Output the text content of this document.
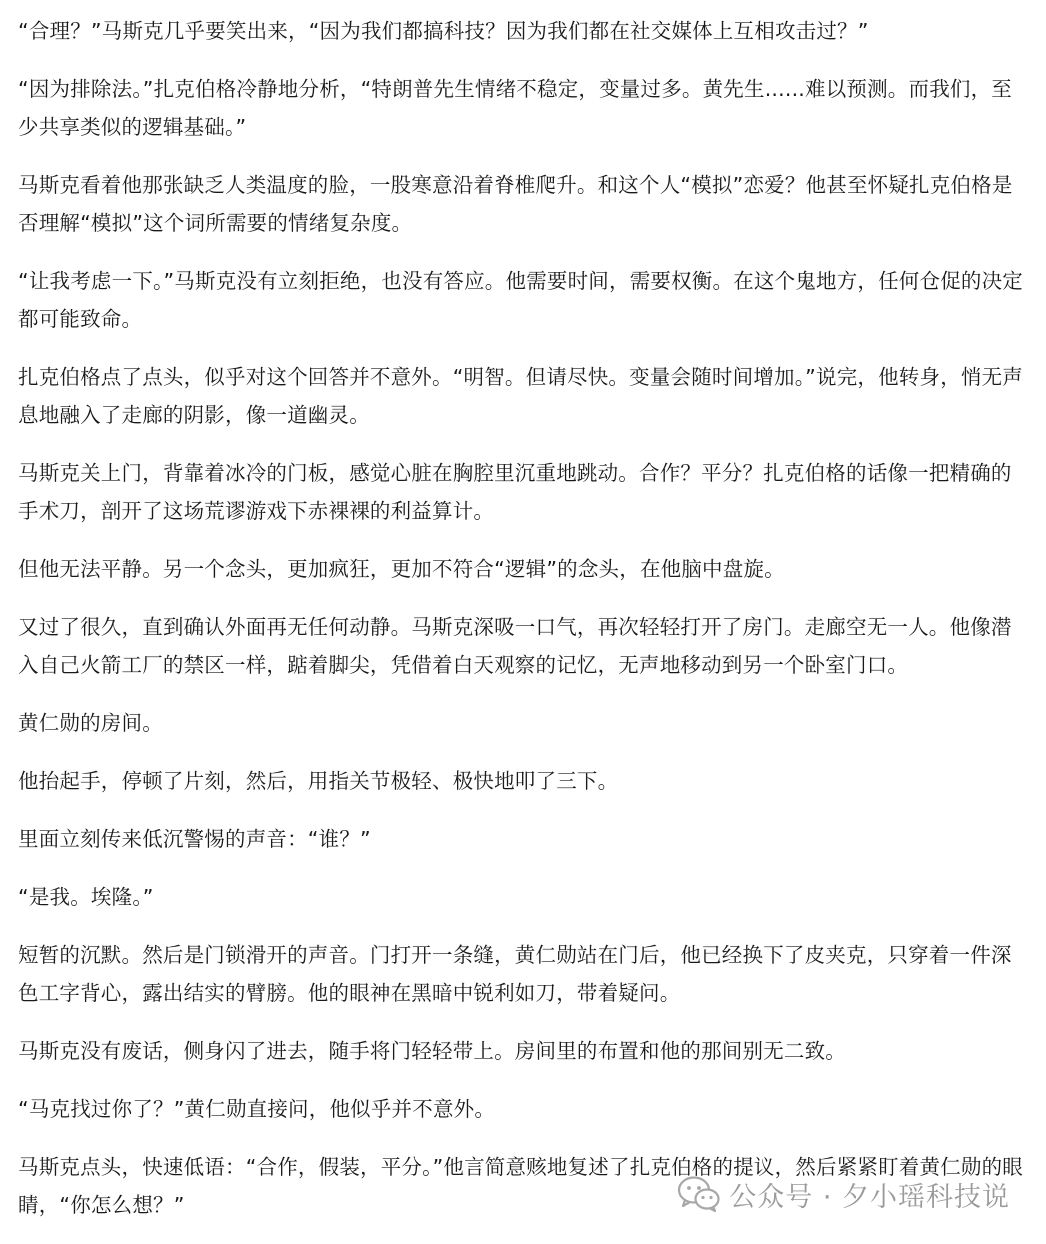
“合理？”马斯克几乎要笑出来，“因为我们都搞科技？因为我们都在社交媒体上互相攻击过？”

“因为排除法。”扎克伯格冷静地分析，“特朗普先生情绪不稳定，变量过多。黄先生......难以预测。而我们，至少共享类似的逻辑基础。”

马斯克看着他那张缺乏人类温度的脸，一股寒意沿着脊椎爬升。和这个人“模拟”恋爱？他甚至怀疑扎克伯格是否理解“模拟”这个词所需要的情绪复杂度。

“让我考虑一下。”马斯克没有立刻拒绝，也没有答应。他需要时间，需要权衡。在这个鬼地方，任何仓促的决定都可能致命。

扎克伯格点了点头，似乎对这个回答并不意外。“明智。但请尽快。变量会随时间增加。”说完，他转身，悄无声息地融入了走廊的阴影，像一道幽灵。

马斯克关上门，背靠着冰冷的门板，感觉心脏在胸腔里沉重地跳动。合作？平分？扎克伯格的话像一把精确的手术刀，剖开了这场荒谬游戏下赤裸裸的利益算计。

但他无法平静。另一个念头，更加疯狂，更加不符合“逻辑”的念头，在他脑中盘旋。

又过了很久，直到确认外面再无任何动静。马斯克深吸一口气，再次轻轻打开了房门。走廊空无一人。他像潜入自己火箭工厂的禁区一样，踮着脚尖，凭借着白天观察的记忆，无声地移动到另一个卧室门口。

黄仁勋的房间。

他抬起手，停顿了片刻，然后，用指关节极轻、极快地叩了三下。

里面立刻传来低沉警惕的声音：“谁？”

“是我。埃隆。”

短暂的沉默。然后是门锁滑开的声音。门打开一条缝，黄仁勋站在门后，他已经换下了皮夹克，只穿着一件深色工字背心，露出结实的臂膀。他的眼神在黑暗中锐利如刀，带着疑问。

马斯克没有废话，侧身闪了进去，随手将门轻轻带上。房间里的布置和他的那间别无二致。

“马克找过你了？”黄仁勋直接问，他似乎并不意外。

马斯克点头，快速低语：“合作，假装，平分。”他言简意赅地复述了扎克伯格的提议，然后紧紧盯着黄仁勋的眼睛，“你怎么想？”	公众号 · 夕小瑶科技说
